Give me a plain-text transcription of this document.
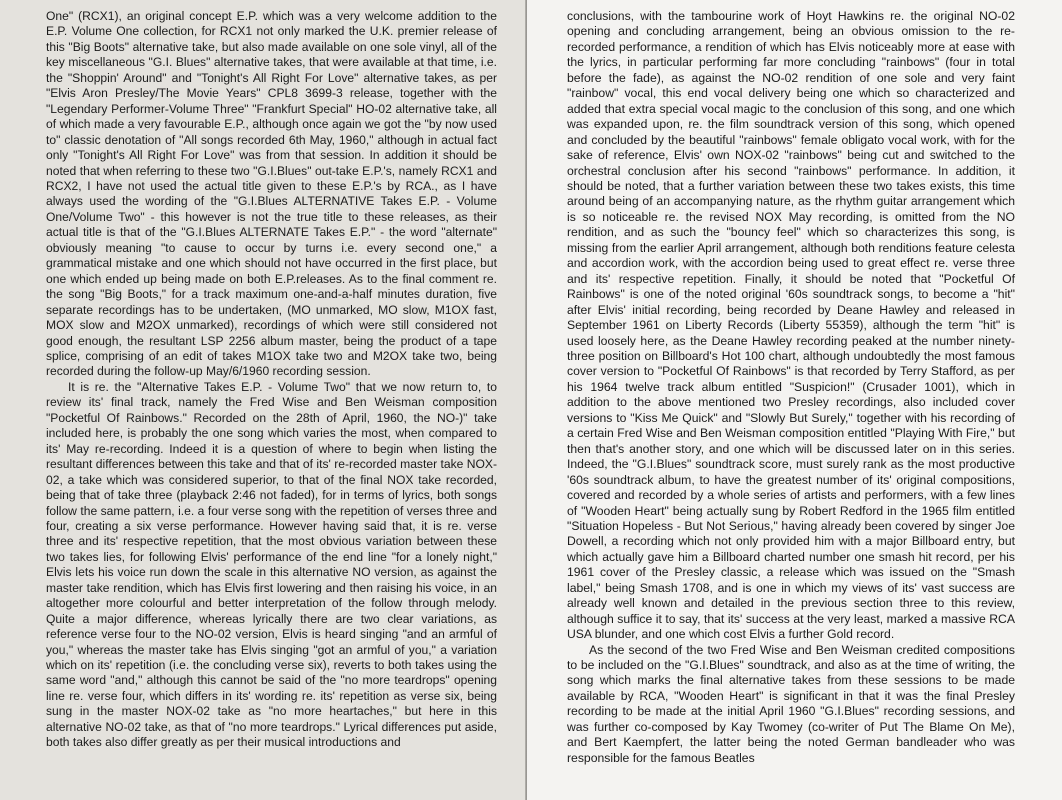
One" (RCX1), an original concept E.P. which was a very welcome addition to the E.P. Volume One collection, for RCX1 not only marked the U.K. premier release of this "Big Boots" alternative take, but also made available on one sole vinyl, all of the key miscellaneous "G.I. Blues" alternative takes, that were available at that time, i.e. the "Shoppin' Around" and "Tonight's All Right For Love" alternative takes, as per "Elvis Aron Presley/The Movie Years" CPL8 3699-3 release, together with the "Legendary Performer-Volume Three" "Frankfurt Special" HO-02 alternative take, all of which made a very favourable E.P., although once again we got the "by now used to" classic denotation of "All songs recorded 6th May, 1960," although in actual fact only "Tonight's All Right For Love" was from that session. In addition it should be noted that when referring to these two "G.I.Blues" out-take E.P.'s, namely RCX1 and RCX2, I have not used the actual title given to these E.P.'s by RCA., as I have always used the wording of the "G.I.Blues ALTERNATIVE Takes E.P. - Volume One/Volume Two" - this however is not the true title to these releases, as their actual title is that of the "G.I.Blues ALTERNATE Takes E.P." - the word "alternate" obviously meaning "to cause to occur by turns i.e. every second one," a grammatical mistake and one which should not have occurred in the first place, but one which ended up being made on both E.P.releases. As to the final comment re. the song "Big Boots," for a track maximum one-and-a-half minutes duration, five separate recordings has to be undertaken, (MO unmarked, MO slow, M1OX fast, MOX slow and M2OX unmarked), recordings of which were still considered not good enough, the resultant LSP 2256 album master, being the product of a tape splice, comprising of an edit of takes M1OX take two and M2OX take two, being recorded during the follow-up May/6/1960 recording session.

It is re. the "Alternative Takes E.P. - Volume Two" that we now return to, to review its' final track, namely the Fred Wise and Ben Weisman composition "Pocketful Of Rainbows." Recorded on the 28th of April, 1960, the NO-)" take included here, is probably the one song which varies the most, when compared to its' May re-recording. Indeed it is a question of where to begin when listing the resultant differences between this take and that of its' re-recorded master take NOX-02, a take which was considered superior, to that of the final NOX take recorded, being that of take three (playback 2:46 not faded), for in terms of lyrics, both songs follow the same pattern, i.e. a four verse song with the repetition of verses three and four, creating a six verse performance. However having said that, it is re. verse three and its' respective repetition, that the most obvious variation between these two takes lies, for following Elvis' performance of the end line "for a lonely night," Elvis lets his voice run down the scale in this alternative NO version, as against the master take rendition, which has Elvis first lowering and then raising his voice, in an altogether more colourful and better interpretation of the follow through melody. Quite a major difference, whereas lyrically there are two clear variations, as reference verse four to the NO-02 version, Elvis is heard singing "and an armful of you," whereas the master take has Elvis singing "got an armful of you," a variation which on its' repetition (i.e. the concluding verse six), reverts to both takes using the same word "and," although this cannot be said of the "no more teardrops" opening line re. verse four, which differs in its' wording re. its' repetition as verse six, being sung in the master NOX-02 take as "no more heartaches," but here in this alternative NO-02 take, as that of "no more teardrops." Lyrical differences put aside, both takes also differ greatly as per their musical introductions and

conclusions, with the tambourine work of Hoyt Hawkins re. the original NO-02 opening and concluding arrangement, being an obvious omission to the re-recorded performance, a rendition of which has Elvis noticeably more at ease with the lyrics, in particular performing far more concluding "rainbows" (four in total before the fade), as against the NO-02 rendition of one sole and very faint "rainbow" vocal, this end vocal delivery being one which so characterized and added that extra special vocal magic to the conclusion of this song, and one which was expanded upon, re. the film soundtrack version of this song, which opened and concluded by the beautiful "rainbows" female obligato vocal work, with for the sake of reference, Elvis' own NOX-02 "rainbows" being cut and switched to the orchestral conclusion after his second "rainbows" performance. In addition, it should be noted, that a further variation between these two takes exists, this time around being of an accompanying nature, as the rhythm guitar arrangement which is so noticeable re. the revised NOX May recording, is omitted from the NO rendition, and as such the "bouncy feel" which so characterizes this song, is missing from the earlier April arrangement, although both renditions feature celesta and accordion work, with the accordion being used to great effect re. verse three and its' respective repetition. Finally, it should be noted that "Pocketful Of Rainbows" is one of the noted original '60s soundtrack songs, to become a "hit" after Elvis' initial recording, being recorded by Deane Hawley and released in September 1961 on Liberty Records (Liberty 55359), although the term "hit" is used loosely here, as the Deane Hawley recording peaked at the number ninety-three position on Billboard's Hot 100 chart, although undoubtedly the most famous cover version to "Pocketful Of Rainbows" is that recorded by Terry Stafford, as per his 1964 twelve track album entitled "Suspicion!" (Crusader 1001), which in addition to the above mentioned two Presley recordings, also included cover versions to "Kiss Me Quick" and "Slowly But Surely," together with his recording of a certain Fred Wise and Ben Weisman composition entitled "Playing With Fire," but then that's another story, and one which will be discussed later on in this series. Indeed, the "G.I.Blues" soundtrack score, must surely rank as the most productive '60s soundtrack album, to have the greatest number of its' original compositions, covered and recorded by a whole series of artists and performers, with a few lines of "Wooden Heart" being actually sung by Robert Redford in the 1965 film entitled "Situation Hopeless - But Not Serious," having already been covered by singer Joe Dowell, a recording which not only provided him with a major Billboard entry, but which actually gave him a Billboard charted number one smash hit record, per his 1961 cover of the Presley classic, a release which was issued on the "Smash label," being Smash 1708, and is one in which my views of its' vast success are already well known and detailed in the previous section three to this review, although suffice it to say, that its' success at the very least, marked a massive RCA USA blunder, and one which cost Elvis a further Gold record.

As the second of the two Fred Wise and Ben Weisman credited compositions to be included on the "G.I.Blues" soundtrack, and also as at the time of writing, the song which marks the final alternative takes from these sessions to be made available by RCA, "Wooden Heart" is significant in that it was the final Presley recording to be made at the initial April 1960 "G.I.Blues" recording sessions, and was further co-composed by Kay Twomey (co-writer of Put The Blame On Me), and Bert Kaempfert, the latter being the noted German bandleader who was responsible for the famous Beatles
